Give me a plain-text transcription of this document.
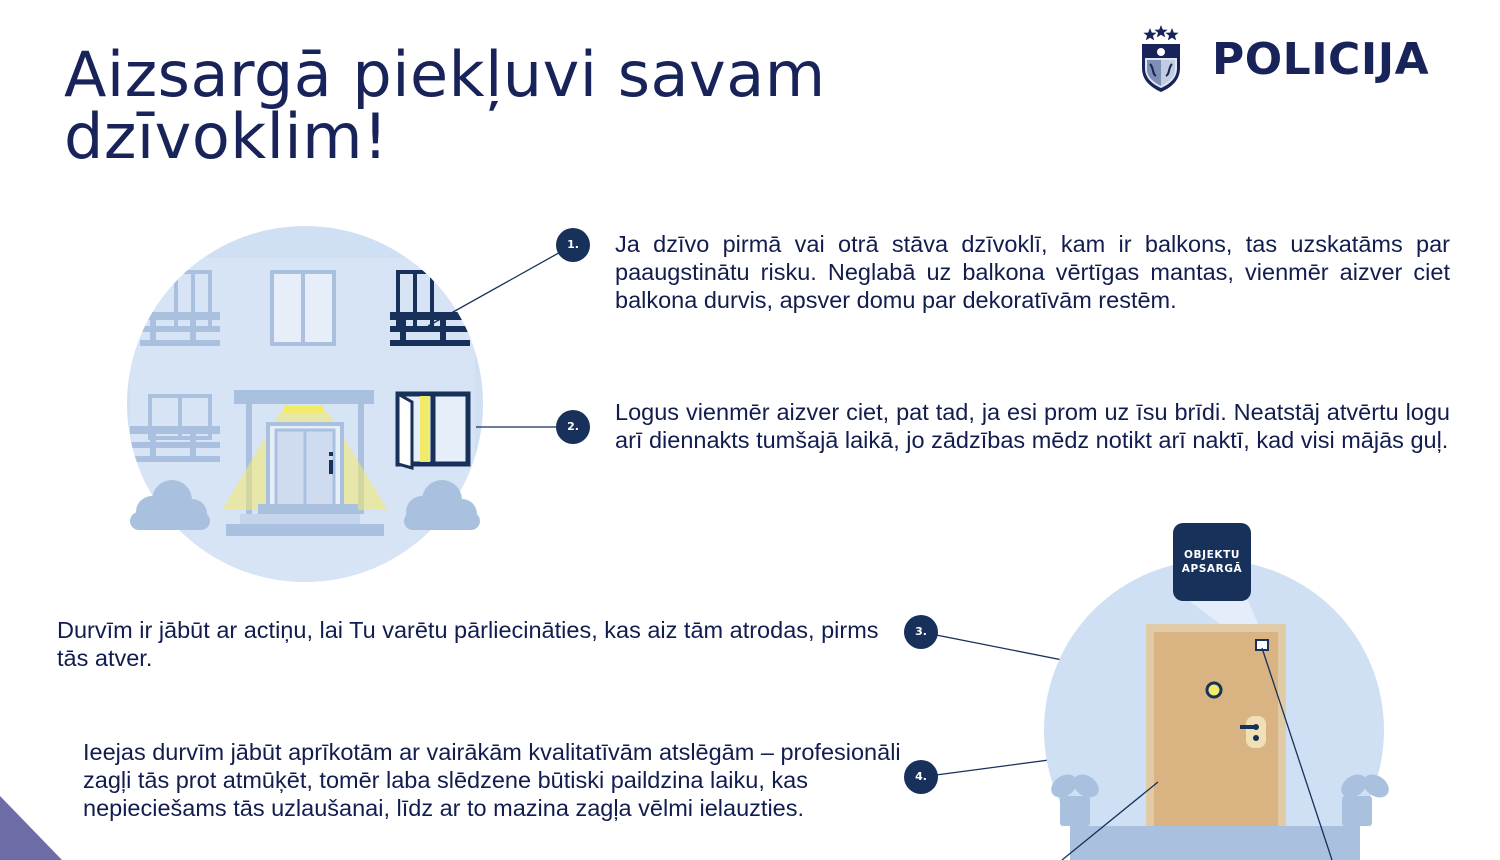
Aizsargā piekļuvi savam
dzīvoklim!
POLICIJA

Ja dzīvo pirmā vai otrā stāva dzīvoklī, kam ir balkons, tas uzskatāms par paaugstinātu risku. Neglabā uz balkona vērtīgas mantas, vienmēr aizver ciet balkona durvis, apsver domu par dekoratīvām restēm.

Logus vienmēr aizver ciet, pat tad, ja esi prom uz īsu brīdi. Neatstāj atvērtu logu arī diennakts tumšajā laikā, jo zādzības mēdz notikt arī naktī, kad visi mājās guļ.

Durvīm ir jābūt ar actiņu, lai Tu varētu pārliecināties, kas aiz tām atrodas, pirms tās atver.

Ieejas durvīm jābūt aprīkotām ar vairākām kvalitatīvām atslēgām – profesionāli zagļi tās prot atmūķēt, tomēr laba slēdzene būtiski paildzina laiku, kas nepieciešams tās uzlaušanai, līdz ar to mazina zagļa vēlmi ielauzties.

1.
2.
3.
4.
OBJEKTU
APSARGĀ
